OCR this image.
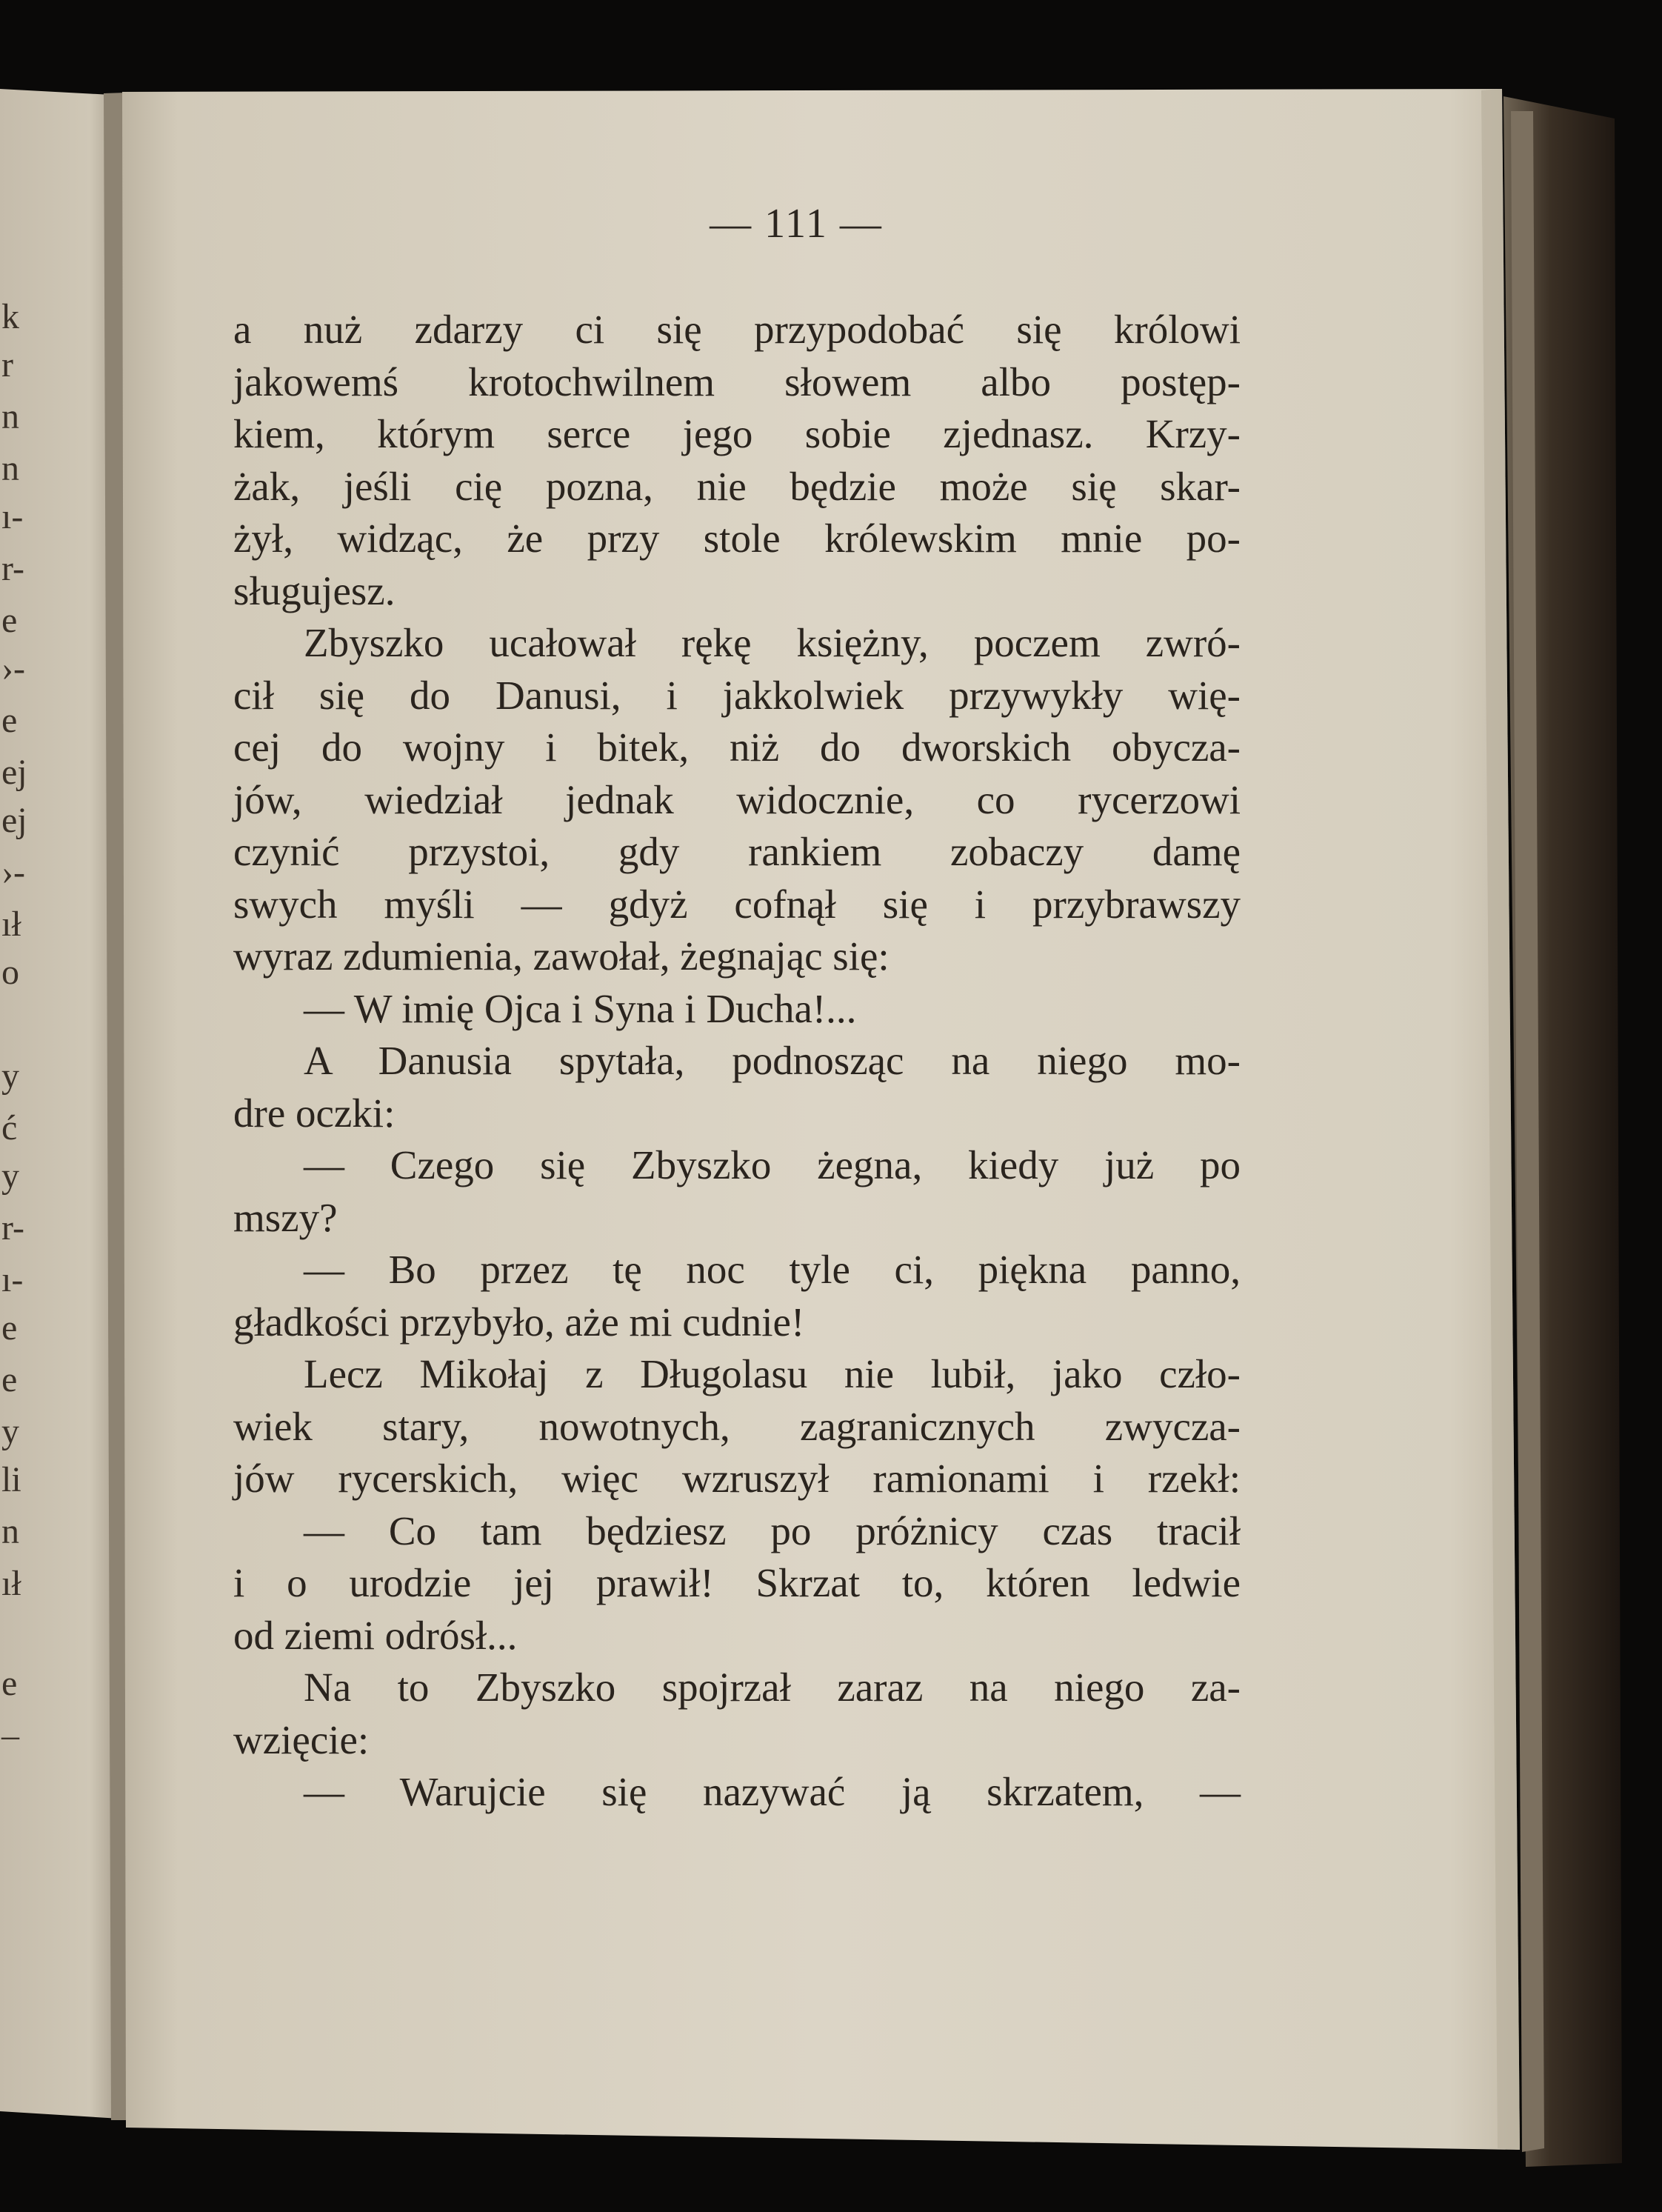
k
r
n
n
ı-
r-
e
›-
e
ej
ej
›-
ıł
o
y
ć
y
r-
ı-
e
e
y
li
n
ıł
e
–
— 111 —
a nuż zdarzy ci się przypodobać się królowi
jakowemś krotochwilnem słowem albo postęp-
kiem, którym serce jego sobie zjednasz. Krzy-
żak, jeśli cię pozna, nie będzie może się skar-
żył, widząc, że przy stole królewskim mnie po-
sługujesz.
Zbyszko ucałował rękę księżny, poczem zwró-
cił się do Danusi, i jakkolwiek przywykły wię-
cej do wojny i bitek, niż do dworskich obycza-
jów, wiedział jednak widocznie, co rycerzowi
czynić przystoi, gdy rankiem zobaczy damę
swych myśli — gdyż cofnął się i przybrawszy
wyraz zdumienia, zawołał, żegnając się:
— W imię Ojca i Syna i Ducha!...
A Danusia spytała, podnosząc na niego mo-
dre oczki:
— Czego się Zbyszko żegna, kiedy już po
mszy?
— Bo przez tę noc tyle ci, piękna panno,
gładkości przybyło, aże mi cudnie!
Lecz Mikołaj z Długolasu nie lubił, jako czło-
wiek stary, nowotnych, zagranicznych zwycza-
jów rycerskich, więc wzruszył ramionami i rzekł:
— Co tam będziesz po próżnicy czas tracił
i o urodzie jej prawił! Skrzat to, któren ledwie
od ziemi odrósł...
Na to Zbyszko spojrzał zaraz na niego za-
wzięcie:
— Warujcie się nazywać ją skrzatem, —
